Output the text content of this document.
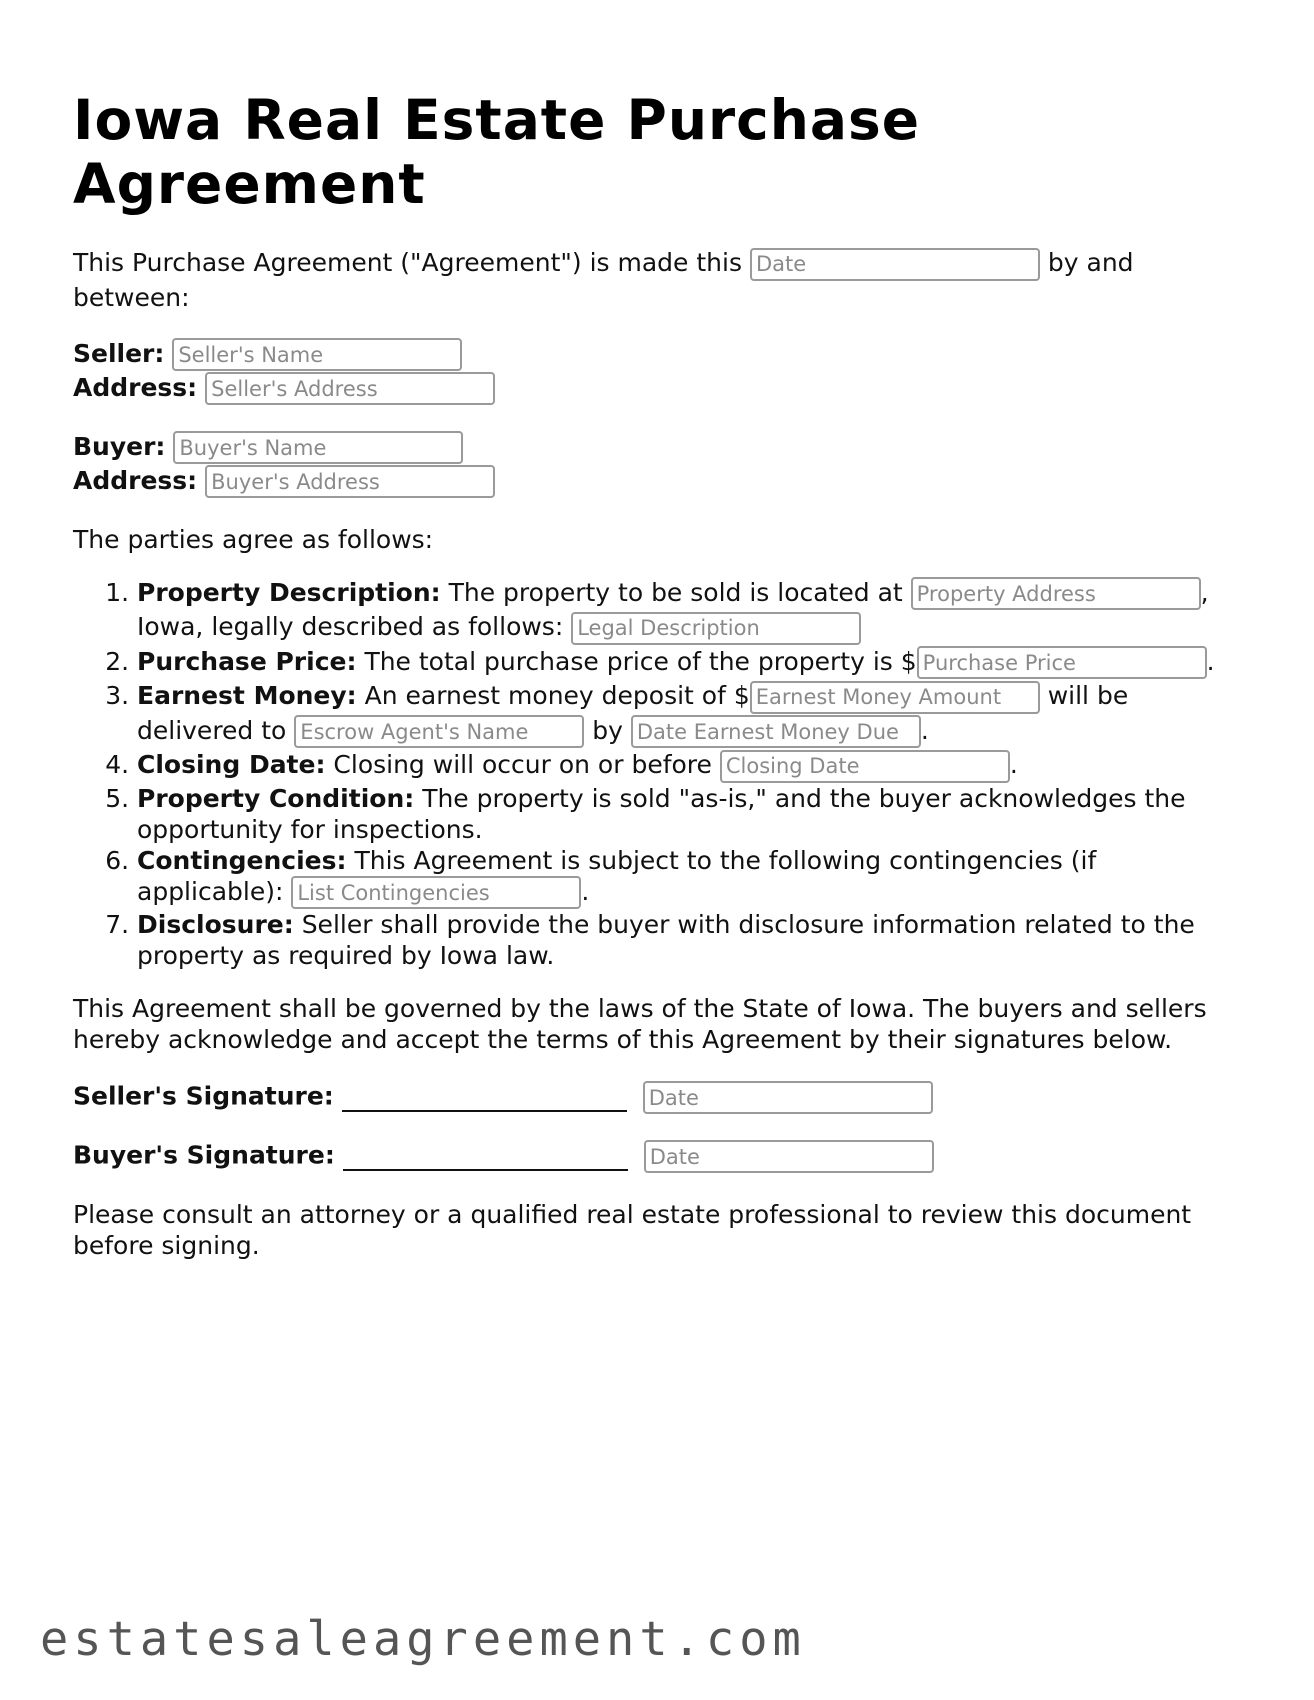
Iowa Real Estate Purchase Agreement

This Purchase Agreement ("Agreement") is made this Date	by and between:

Seller: Seller's Name
Address: Seller's Address
Buyer: Buyer's Name
Address: Buyer's Address

The parties agree as follows:

1. Property Description: The property to be sold is located at Property Address	, Iowa, legally described as follows: Legal Description
2. Purchase Price: The total purchase price of the property is $Purchase Price	.
3. Earnest Money: An earnest money deposit of $Earnest Money Amount	will be delivered to Escrow Agent's Name	by Date Earnest Money Due	.
4. Closing Date: Closing will occur on or before Closing Date	.
5. Property Condition: The property is sold "as-is," and the buyer acknowledges the opportunity for inspections.
6. Contingencies: This Agreement is subject to the following contingencies (if applicable): List Contingencies	.
7. Disclosure: Seller shall provide the buyer with disclosure information related to the property as required by Iowa law.

This Agreement shall be governed by the laws of the State of Iowa. The buyers and sellers hereby acknowledge and accept the terms of this Agreement by their signatures below.

Seller's Signature:  Date
Buyer's Signature:  Date

Please consult an attorney or a qualified real estate professional to review this document before signing.

estatesaleagreement.com
